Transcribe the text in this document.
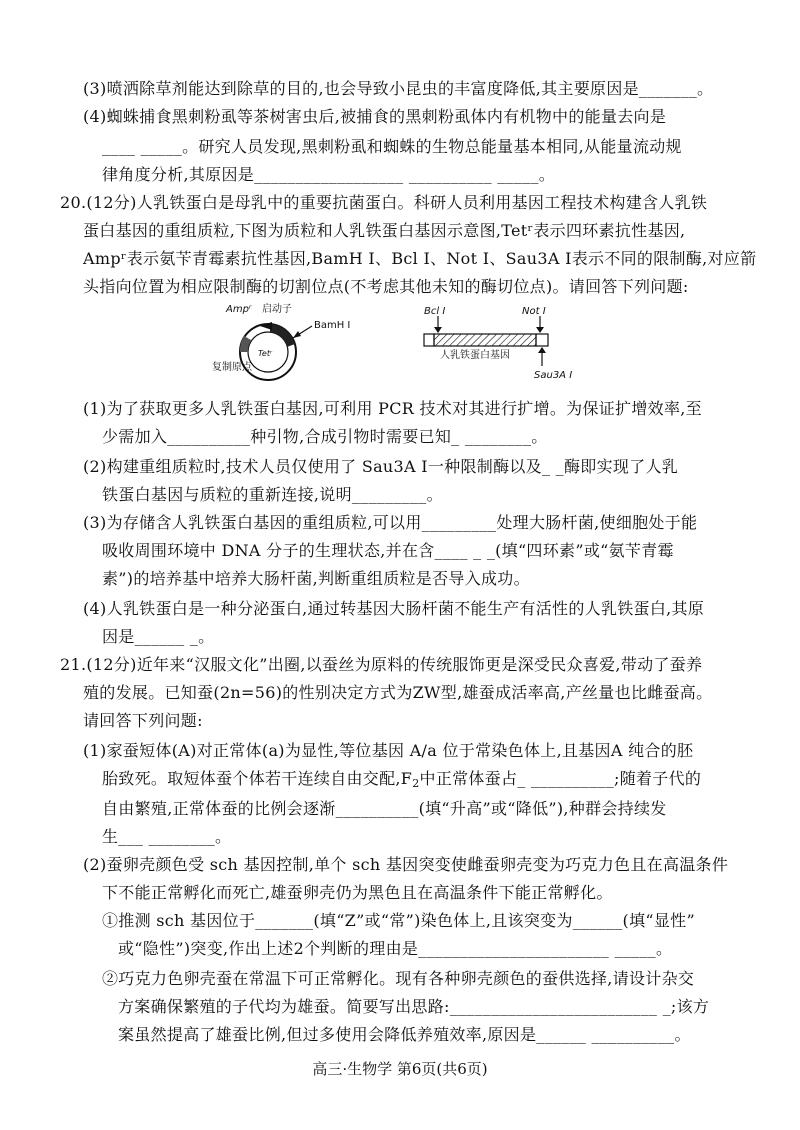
(3)喷洒除草剂能达到除草的目的,也会导致小昆虫的丰富度降低,其主要原因是_______。
(4)蜘蛛捕食黑刺粉虱等茶树害虫后,被捕食的黑刺粉虱体内有机物中的能量去向是
____ _____。研究人员发现,黑刺粉虱和蜘蛛的生物总能量基本相同,从能量流动规
律角度分析,其原因是__________________ __________ _____。
20.(12分)人乳铁蛋白是母乳中的重要抗菌蛋白。科研人员利用基因工程技术构建含人乳铁
蛋白基因的重组质粒,下图为质粒和人乳铁蛋白基因示意图,Tetʳ表示四环素抗性基因,
Ampʳ表示氨苄青霉素抗性基因,BamH Ⅰ、Bcl Ⅰ、Not Ⅰ、Sau3A Ⅰ表示不同的限制酶,对应箭
头指向位置为相应限制酶的切割位点(不考虑其他未知的酶切位点)。请回答下列问题:
(1)为了获取更多人乳铁蛋白基因,可利用 PCR 技术对其进行扩增。为保证扩增效率,至
少需加入__________种引物,合成引物时需要已知_ ________。
(2)构建重组质粒时,技术人员仅使用了 Sau3A Ⅰ一种限制酶以及_ _酶即实现了人乳
铁蛋白基因与质粒的重新连接,说明_________。
(3)为存储含人乳铁蛋白基因的重组质粒,可以用_________处理大肠杆菌,使细胞处于能
吸收周围环境中 DNA 分子的生理状态,并在含____ _ _(填“四环素”或“氨苄青霉
素”)的培养基中培养大肠杆菌,判断重组质粒是否导入成功。
(4)人乳铁蛋白是一种分泌蛋白,通过转基因大肠杆菌不能生产有活性的人乳铁蛋白,其原
因是______ _。
21.(12分)近年来“汉服文化”出圈,以蚕丝为原料的传统服饰更是深受民众喜爱,带动了蚕养
殖的发展。已知蚕(2n=56)的性别决定方式为ZW型,雄蚕成活率高,产丝量也比雌蚕高。
请回答下列问题:
(1)家蚕短体(A)对正常体(a)为显性,等位基因 A/a 位于常染色体上,且基因A 纯合的胚
自由繁殖,正常体蚕的比例会逐渐__________(填“升高”或“降低”),种群会持续发
生___ ________。
(2)蚕卵壳颜色受 sch 基因控制,单个 sch 基因突变使雌蚕卵壳变为巧克力色且在高温条件
下不能正常孵化而死亡,雄蚕卵壳仍为黑色且在高温条件下能正常孵化。
①推测 sch 基因位于_______(填“Z”或“常”)染色体上,且该突变为______(填“显性”
或“隐性”)突变,作出上述2个判断的理由是_______________________ _____。
②巧克力色卵壳蚕在常温下可正常孵化。现有各种卵壳颜色的蚕供选择,请设计杂交
方案确保繁殖的子代均为雄蚕。简要写出思路:_________________________ _;该方
案虽然提高了雄蚕比例,但过多使用会降低养殖效率,原因是______ __________。
胎致死。取短体蚕个体若干连续自由交配$,F_2$中正常体蚕占_ __________;随着子代的
Ampʳ 启动子
BamH Ⅰ
复制原点
Tetʳ
Bcl Ⅰ	Not Ⅰ
人乳铁蛋白基因
Sau3A Ⅰ
高三·生物学 第6页(共6页)
